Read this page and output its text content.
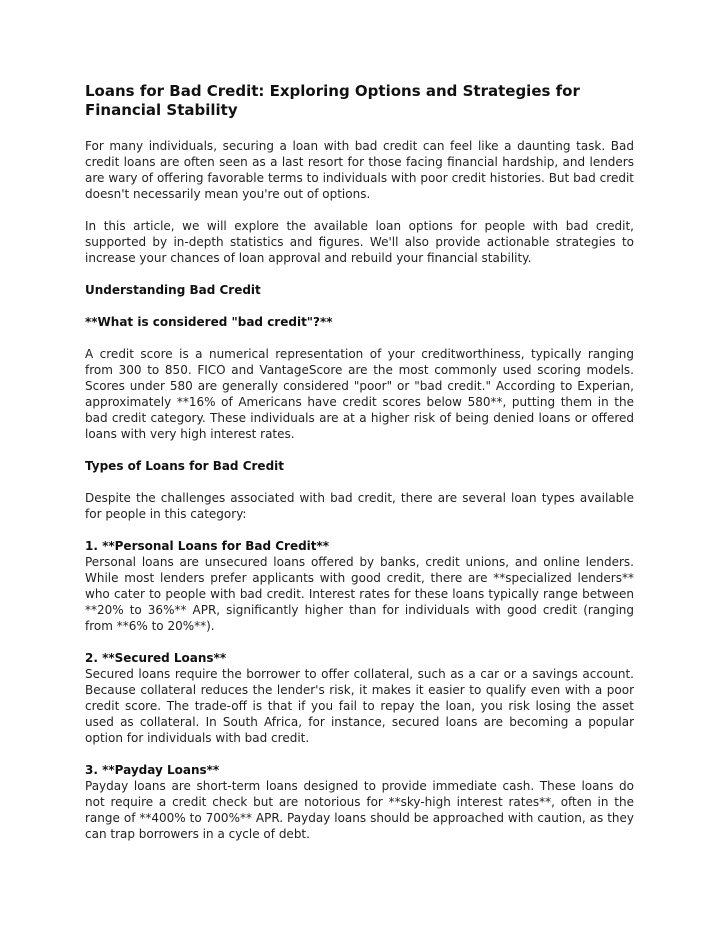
Loans for Bad Credit: Exploring Options and Strategies for Financial Stability

For many individuals, securing a loan with bad credit can feel like a daunting task. Bad credit loans are often seen as a last resort for those facing financial hardship, and lenders are wary of offering favorable terms to individuals with poor credit histories. But bad credit doesn't necessarily mean you're out of options.

In this article, we will explore the available loan options for people with bad credit, supported by in-depth statistics and figures. We'll also provide actionable strategies to increase your chances of loan approval and rebuild your financial stability.

Understanding Bad Credit
**What is considered "bad credit"?**

A credit score is a numerical representation of your creditworthiness, typically ranging from 300 to 850. FICO and VantageScore are the most commonly used scoring models. Scores under 580 are generally considered "poor" or "bad credit." According to Experian, approximately **16% of Americans have credit scores below 580**, putting them in the bad credit category. These individuals are at a higher risk of being denied loans or offered loans with very high interest rates.

Types of Loans for Bad Credit

Despite the challenges associated with bad credit, there are several loan types available for people in this category:

1. **Personal Loans for Bad Credit**

Personal loans are unsecured loans offered by banks, credit unions, and online lenders. While most lenders prefer applicants with good credit, there are **specialized lenders** who cater to people with bad credit. Interest rates for these loans typically range between **20% to 36%** APR, significantly higher than for individuals with good credit (ranging from **6% to 20%**).

2. **Secured Loans**

Secured loans require the borrower to offer collateral, such as a car or a savings account. Because collateral reduces the lender's risk, it makes it easier to qualify even with a poor credit score. The trade-off is that if you fail to repay the loan, you risk losing the asset used as collateral. In South Africa, for instance, secured loans are becoming a popular option for individuals with bad credit.

3. **Payday Loans**

Payday loans are short-term loans designed to provide immediate cash. These loans do not require a credit check but are notorious for **sky-high interest rates**, often in the range of **400% to 700%** APR. Payday loans should be approached with caution, as they can trap borrowers in a cycle of debt.
